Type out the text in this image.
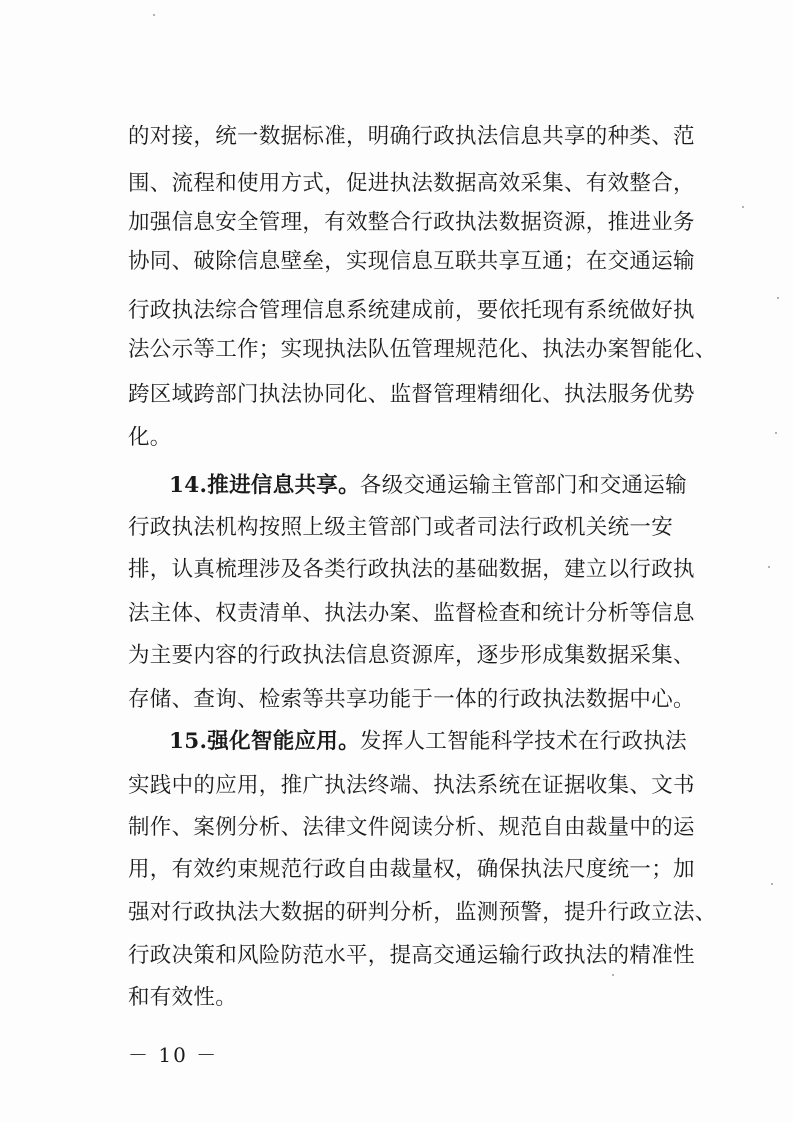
的对接，统一数据标准，明确行政执法信息共享的种类、范
围、流程和使用方式，促进执法数据高效采集、有效整合，
加强信息安全管理，有效整合行政执法数据资源，推进业务
协同、破除信息壁垒，实现信息互联共享互通；在交通运输
行政执法综合管理信息系统建成前，要依托现有系统做好执
法公示等工作；实现执法队伍管理规范化、执法办案智能化、
跨区域跨部门执法协同化、监督管理精细化、执法服务优势
化。
14.推进信息共享。各级交通运输主管部门和交通运输
行政执法机构按照上级主管部门或者司法行政机关统一安
排，认真梳理涉及各类行政执法的基础数据，建立以行政执
法主体、权责清单、执法办案、监督检查和统计分析等信息
为主要内容的行政执法信息资源库，逐步形成集数据采集、
存储、查询、检索等共享功能于一体的行政执法数据中心。
15.强化智能应用。发挥人工智能科学技术在行政执法
实践中的应用，推广执法终端、执法系统在证据收集、文书
制作、案例分析、法律文件阅读分析、规范自由裁量中的运
用，有效约束规范行政自由裁量权，确保执法尺度统一；加
强对行政执法大数据的研判分析，监测预警，提升行政立法、
行政决策和风险防范水平，提高交通运输行政执法的精准性
和有效性。
－ 10 －
